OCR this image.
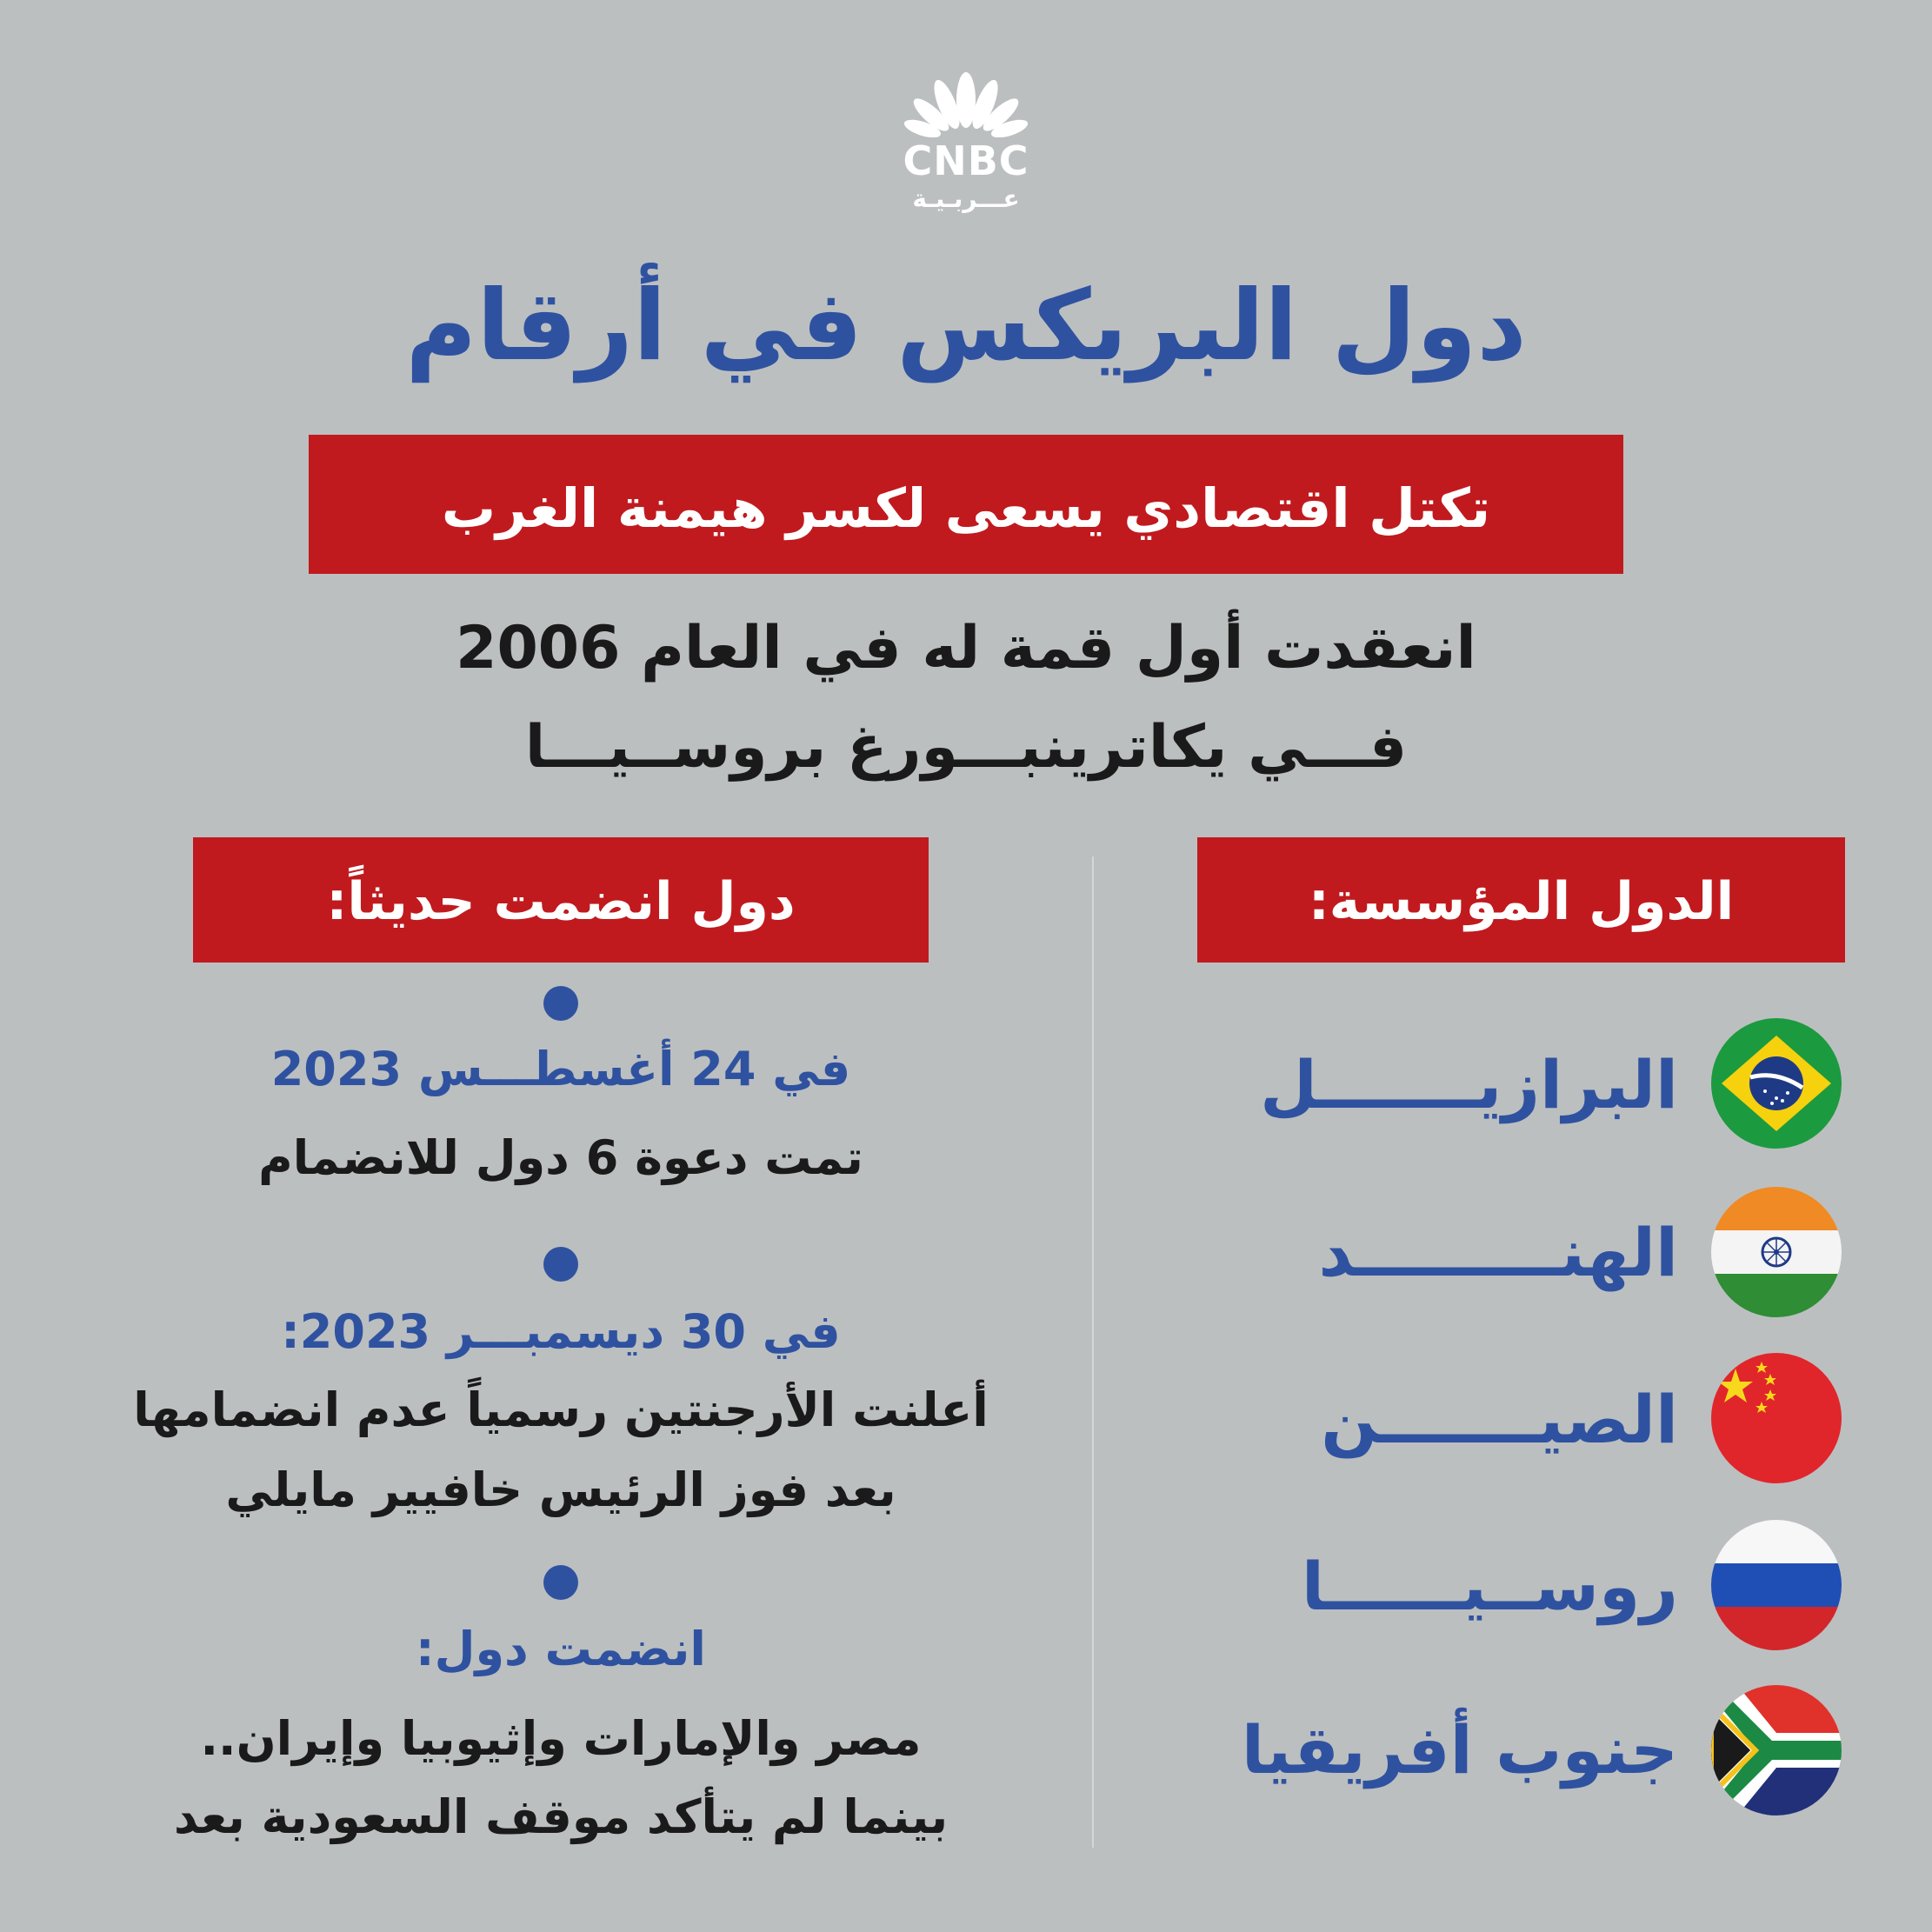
CNBC
عـــربـيـة
دول البريكس في أرقام
تكتل اقتصادي يسعى لكسر هيمنة الغرب
انعقدت أول قمة له في العام 2006
فـــي يكاترينبـــورغ بروســيـــا
الدول المؤسسة:
دول انضمت حديثاً:
البرازيـــــــل
الهنـــــــــد
الصيـــــــن
روســيــــــا
جنوب أفريقيا
في 24 أغسطـــس 2023
تمت دعوة 6 دول للانضمام
في 30 ديسمبـــر 2023:
أعلنت الأرجنتين رسمياً عدم انضمامها
بعد فوز الرئيس خافيير مايلي
انضمت دول:
مصر والإمارات وإثيوبيا وإيران..
بينما لم يتأكد موقف السعودية بعد
